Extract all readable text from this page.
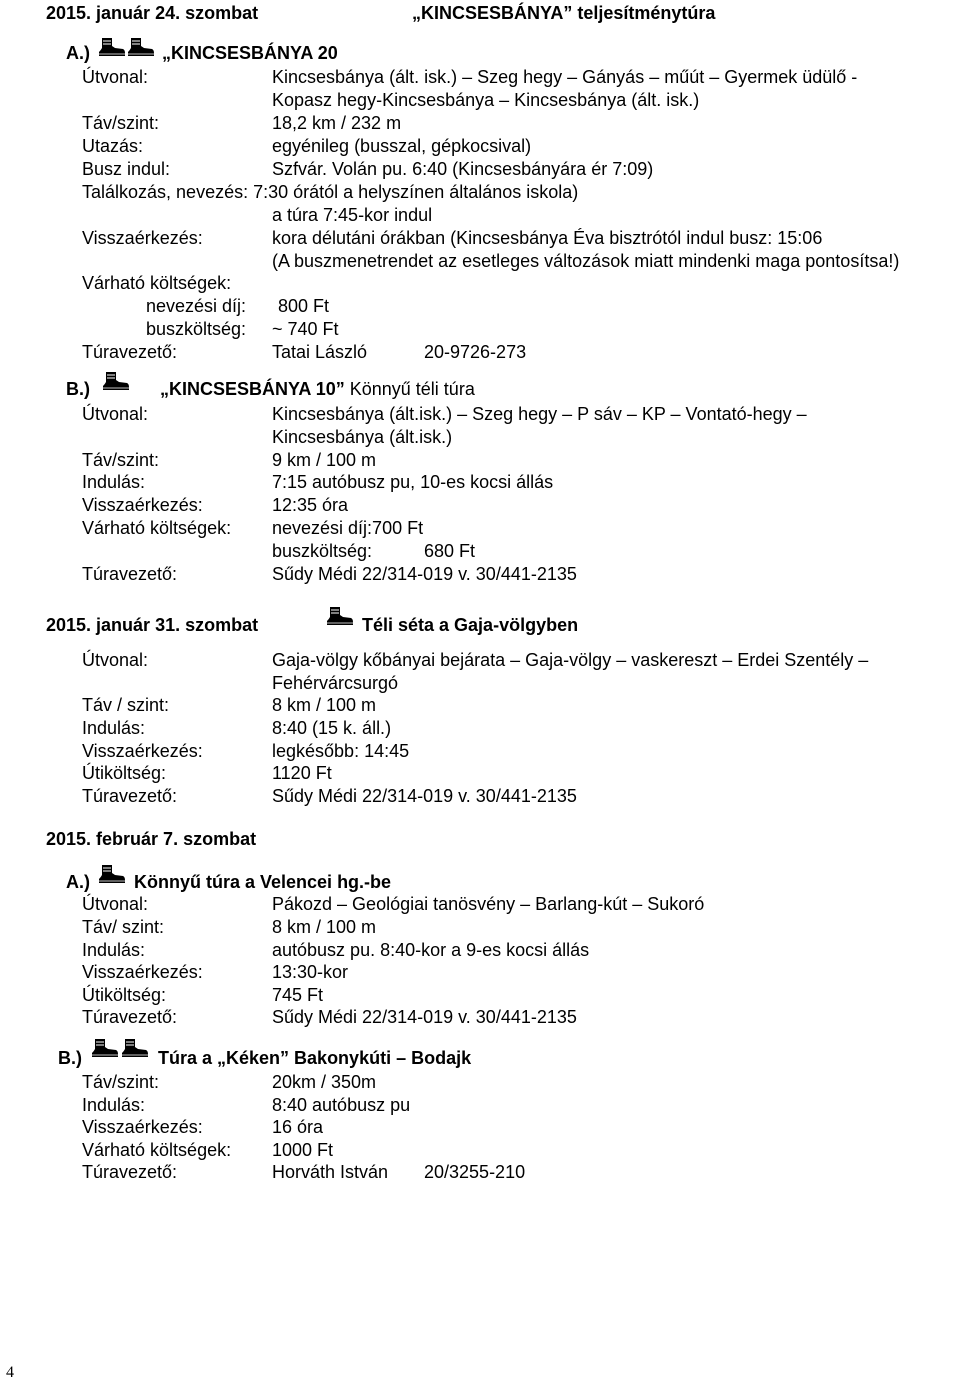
2015. január 24. szombat	„KINCSESBÁNYA” teljesítménytúra
A.)	„KINCSESBÁNYA 20
Útvonal:	Kincsesbánya (ált. isk.) – Szeg hegy – Gányás – műút – Gyermek üdülő -
Kopasz hegy-Kincsesbánya – Kincsesbánya (ált. isk.)
Táv/szint:	18,2 km / 232 m
Utazás:	egyénileg (busszal, gépkocsival)
Busz indul:	Szfvár. Volán pu. 6:40 (Kincsesbányára ér 7:09)
Találkozás, nevezés: 7:30 órától a helyszínen általános iskola)
a túra 7:45-kor indul
Visszaérkezés:	kora délutáni órákban (Kincsesbánya Éva bisztrótól indul busz: 15:06
(A buszmenetrendet az esetleges változások miatt mindenki maga pontosítsa!)
Várható költségek:
nevezési díj: 800 Ft
buszköltség: ~ 740 Ft
Túravezető:	Tatai László	20-9726-273
B.)	„KINCSESBÁNYA 10” Könnyű téli túra
Útvonal:	Kincsesbánya (ált.isk.) – Szeg hegy – P sáv – KP – Vontató-hegy –
Kincsesbánya (ált.isk.)
Táv/szint:	9 km / 100 m
Indulás:	7:15 autóbusz pu, 10-es kocsi állás
Visszaérkezés:	12:35 óra
Várható költségek: nevezési díj:700 Ft
buszköltség:	680 Ft
Túravezető:	Sűdy Médi 22/314-019 v. 30/441-2135
2015. január 31. szombat	Téli séta a Gaja-völgyben
Útvonal:	Gaja-völgy kőbányai bejárata – Gaja-völgy – vaskereszt – Erdei Szentély –
Fehérvárcsurgó
Táv / szint:	8 km / 100 m
Indulás:	8:40 (15 k. áll.)
Visszaérkezés:	legkésőbb: 14:45
Útiköltség:	1120 Ft
Túravezető:	Sűdy Médi 22/314-019 v. 30/441-2135
2015. február 7. szombat
A.) Könnyű túra a Velencei hg.-be
Útvonal:	Pákozd – Geológiai tanösvény – Barlang-kút – Sukoró
Táv/ szint:	8 km / 100 m
Indulás:	autóbusz pu. 8:40-kor a 9-es kocsi állás
Visszaérkezés:	13:30-kor
Útiköltség:	745 Ft
Túravezető:	Sűdy Médi 22/314-019 v. 30/441-2135
B.)	Túra a „Kéken” Bakonykúti – Bodajk
Táv/szint:	20km / 350m
Indulás:	8:40 autóbusz pu
Visszaérkezés:	16 óra
Várható költségek: 1000 Ft
Túravezető:	Horváth István 20/3255-210
4
